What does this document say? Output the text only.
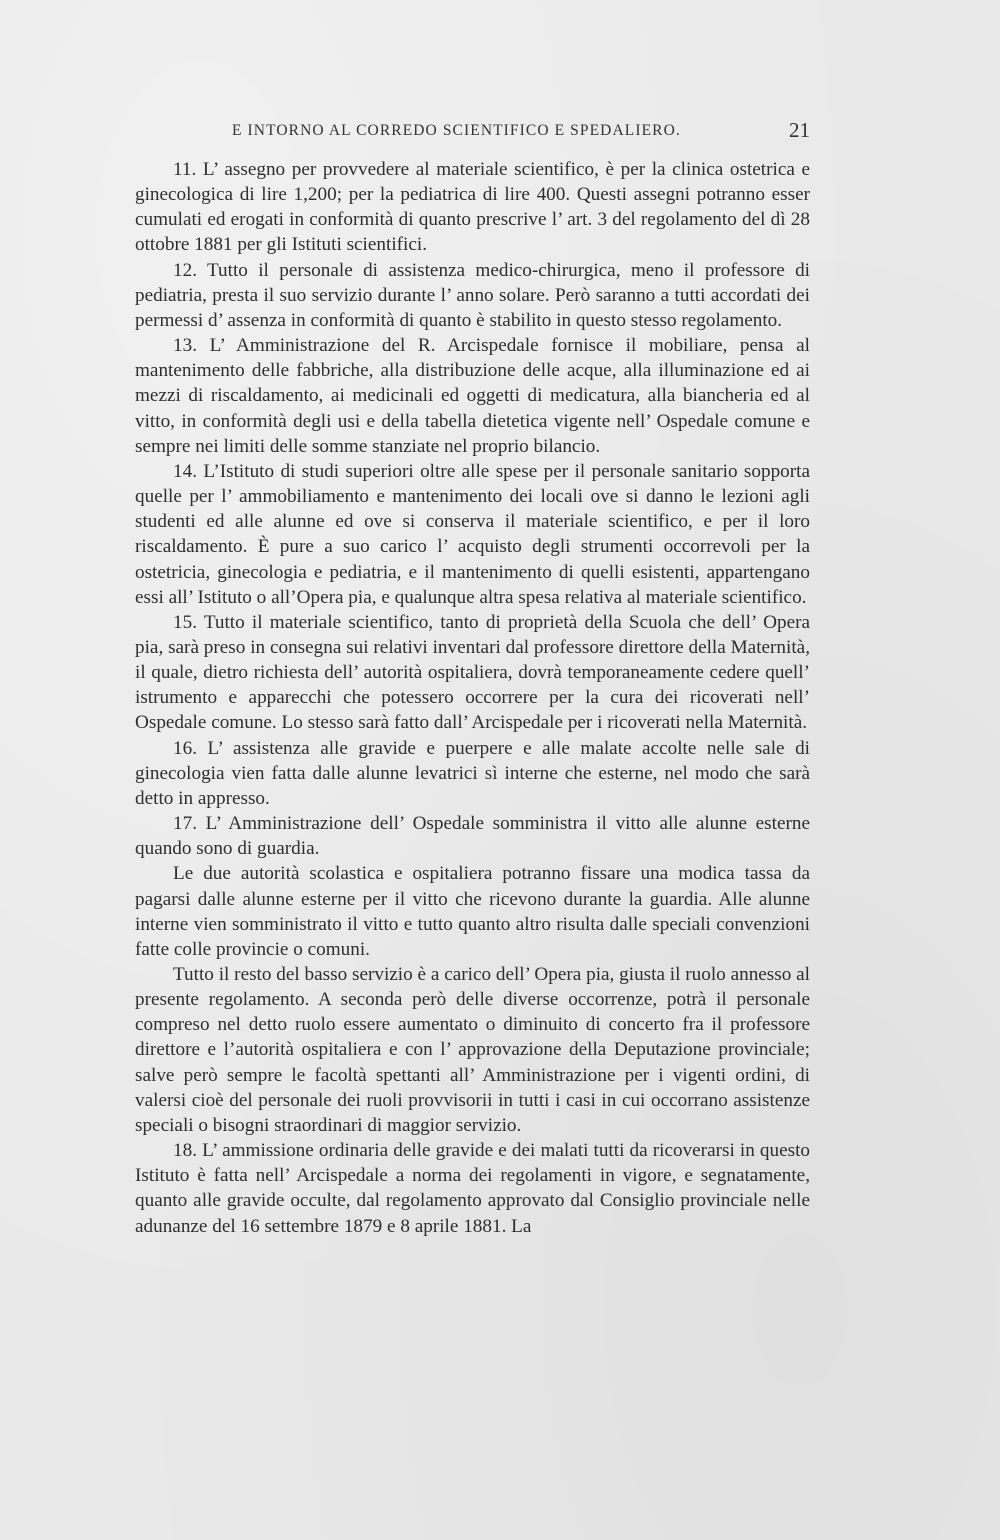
E INTORNO AL CORREDO SCIENTIFICO E SPEDALIERO.	21

11. L’ assegno per provvedere al materiale scientifico, è per la clinica ostetrica e ginecologica di lire 1,200; per la pediatrica di lire 400. Questi assegni potranno esser cumulati ed erogati in conformità di quanto prescrive l’ art. 3 del regolamento del dì 28 ottobre 1881 per gli Istituti scientifici.

12. Tutto il personale di assistenza medico-chirurgica, meno il professore di pediatria, presta il suo servizio durante l’ anno solare. Però saranno a tutti accordati dei permessi d’ assenza in conformità di quanto è stabilito in questo stesso regolamento.

13. L’ Amministrazione del R. Arcispedale fornisce il mobiliare, pensa al mantenimento delle fabbriche, alla distribuzione delle acque, alla illuminazione ed ai mezzi di riscaldamento, ai medicinali ed oggetti di medicatura, alla biancheria ed al vitto, in conformità degli usi e della tabella dietetica vigente nell’ Ospedale comune e sempre nei limiti delle somme stanziate nel proprio bilancio.

14. L’Istituto di studi superiori oltre alle spese per il personale sanitario sopporta quelle per l’ ammobiliamento e mantenimento dei locali ove si danno le lezioni agli studenti ed alle alunne ed ove si conserva il materiale scientifico, e per il loro riscaldamento. È pure a suo carico l’ acquisto degli strumenti occorrevoli per la ostetricia, ginecologia e pediatria, e il mantenimento di quelli esistenti, appartengano essi all’ Istituto o all’Opera pia, e qualunque altra spesa relativa al materiale scientifico.

15. Tutto il materiale scientifico, tanto di proprietà della Scuola che dell’ Opera pia, sarà preso in consegna sui relativi inventari dal professore direttore della Maternità, il quale, dietro richiesta dell’ autorità ospitaliera, dovrà temporaneamente cedere quell’ istrumento e apparecchi che potessero occorrere per la cura dei ricoverati nell’ Ospedale comune. Lo stesso sarà fatto dall’ Arcispedale per i ricoverati nella Maternità.

16. L’ assistenza alle gravide e puerpere e alle malate accolte nelle sale di ginecologia vien fatta dalle alunne levatrici sì interne che esterne, nel modo che sarà detto in appresso.

17. L’ Amministrazione dell’ Ospedale somministra il vitto alle alunne esterne quando sono di guardia.

Le due autorità scolastica e ospitaliera potranno fissare una modica tassa da pagarsi dalle alunne esterne per il vitto che ricevono durante la guardia. Alle alunne interne vien somministrato il vitto e tutto quanto altro risulta dalle speciali convenzioni fatte colle provincie o comuni.

Tutto il resto del basso servizio è a carico dell’ Opera pia, giusta il ruolo annesso al presente regolamento. A seconda però delle diverse occorrenze, potrà il personale compreso nel detto ruolo essere aumentato o diminuito di concerto fra il professore direttore e l’autorità ospitaliera e con l’ approvazione della Deputazione provinciale; salve però sempre le facoltà spettanti all’ Amministrazione per i vigenti ordini, di valersi cioè del personale dei ruoli provvisorii in tutti i casi in cui occorrano assistenze speciali o bisogni straordinari di maggior servizio.

18. L’ ammissione ordinaria delle gravide e dei malati tutti da ricoverarsi in questo Istituto è fatta nell’ Arcispedale a norma dei regolamenti in vigore, e segnatamente, quanto alle gravide occulte, dal regolamento approvato dal Consiglio provinciale nelle adunanze del 16 settembre 1879 e 8 aprile 1881. La
